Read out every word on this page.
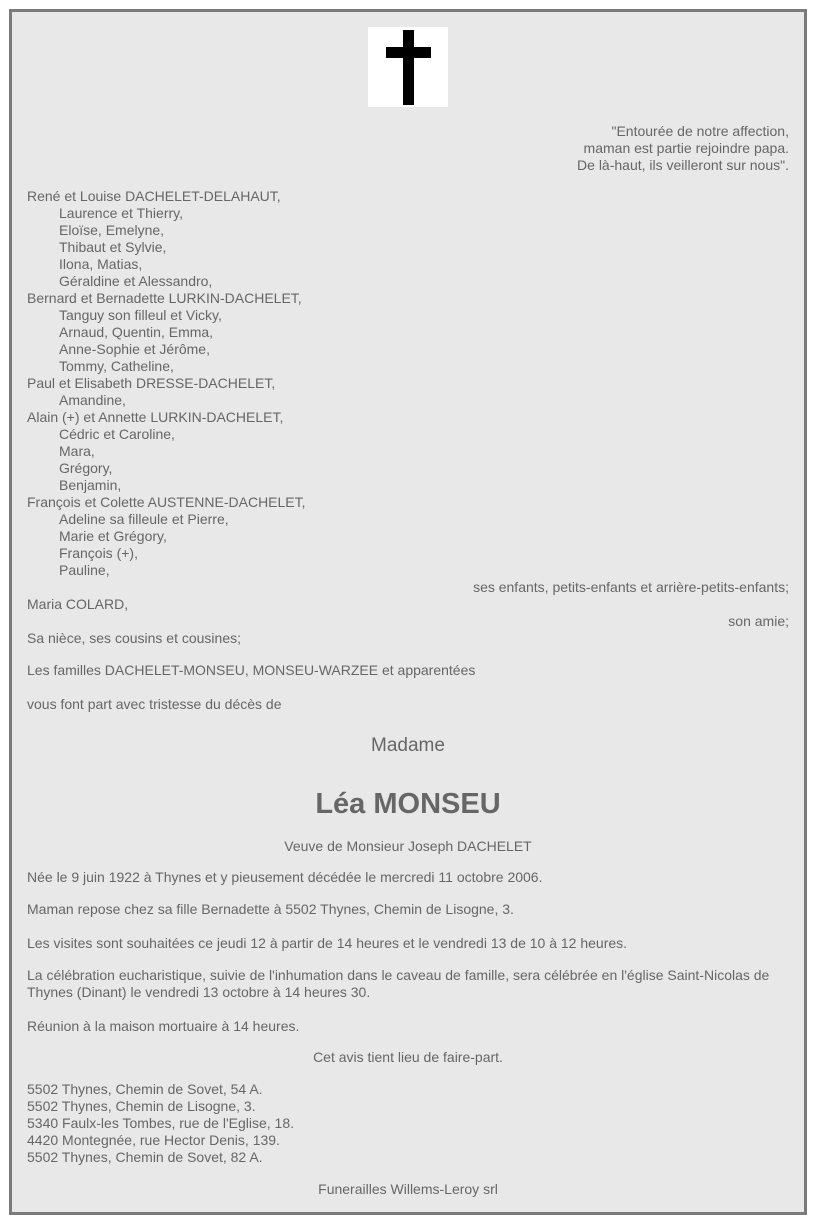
"Entourée de notre affection,
maman est partie rejoindre papa.
De là-haut, ils veilleront sur nous".
René et Louise DACHELET-DELAHAUT,
Laurence et Thierry,
Eloïse, Emelyne,
Thibaut et Sylvie,
Ilona, Matias,
Géraldine et Alessandro,
Bernard et Bernadette LURKIN-DACHELET,
Tanguy son filleul et Vicky,
Arnaud, Quentin, Emma,
Anne-Sophie et Jérôme,
Tommy, Catheline,
Paul et Elisabeth DRESSE-DACHELET,
Amandine,
Alain (+) et Annette LURKIN-DACHELET,
Cédric et Caroline,
Mara,
Grégory,
Benjamin,
François et Colette AUSTENNE-DACHELET,
Adeline sa filleule et Pierre,
Marie et Grégory,
François (+),
Pauline,
ses enfants, petits-enfants et arrière-petits-enfants;
Maria COLARD,
son amie;
Sa nièce, ses cousins et cousines;
Les familles DACHELET-MONSEU, MONSEU-WARZEE et apparentées
vous font part avec tristesse du décès de
Madame
Léa MONSEU
Veuve de Monsieur Joseph DACHELET
Née le 9 juin 1922 à Thynes et y pieusement décédée le mercredi 11 octobre 2006.
Maman repose chez sa fille Bernadette à 5502 Thynes, Chemin de Lisogne, 3.
Les visites sont souhaitées ce jeudi 12 à partir de 14 heures et le vendredi 13 de 10 à 12 heures.
La célébration eucharistique, suivie de l'inhumation dans le caveau de famille, sera célébrée en l'église Saint-Nicolas de Thynes (Dinant) le vendredi 13 octobre à 14 heures 30.
Réunion à la maison mortuaire à 14 heures.
Cet avis tient lieu de faire-part.
5502 Thynes, Chemin de Sovet, 54 A.
5502 Thynes, Chemin de Lisogne, 3.
5340 Faulx-les Tombes, rue de l'Eglise, 18.
4420 Montegnée, rue Hector Denis, 139.
5502 Thynes, Chemin de Sovet, 82 A.
Funerailles Willems-Leroy srl
